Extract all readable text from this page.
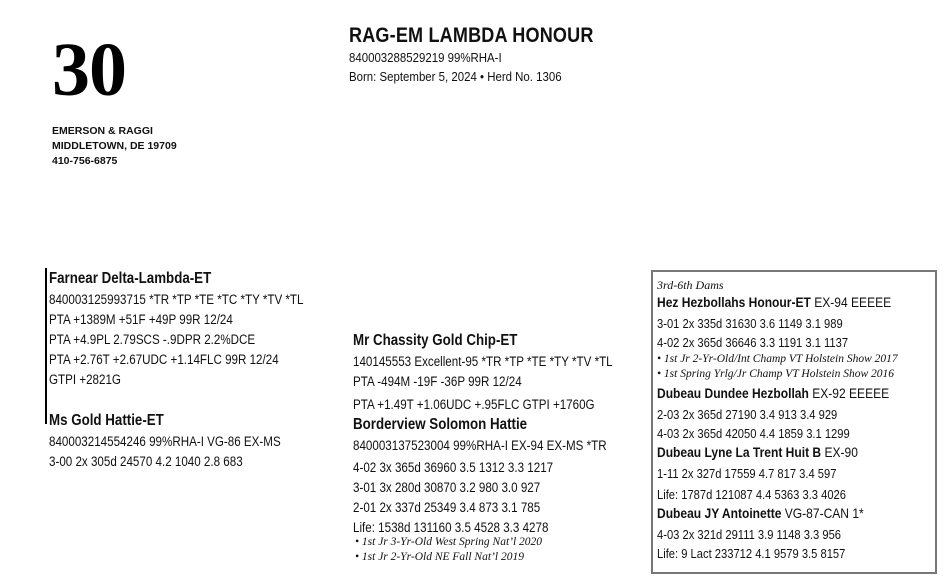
30
EMERSON & RAGGI
MIDDLETOWN, DE 19709
410-756-6875
RAG-EM LAMBDA HONOUR
840003288529219 99%RHA-I
Born: September 5, 2024 • Herd No. 1306
Farnear Delta-Lambda-ET
840003125993715 *TR *TP *TE *TC *TY *TV *TL
PTA +1389M +51F +49P 99R 12/24
PTA +4.9PL 2.79SCS -.9DPR 2.2%DCE
PTA +2.76T +2.67UDC +1.14FLC 99R 12/24
GTPI +2821G
Ms Gold Hattie-ET
840003214554246 99%RHA-I VG-86 EX-MS
3-00 2x 305d 24570 4.2 1040 2.8 683
Mr Chassity Gold Chip-ET
140145553 Excellent-95 *TR *TP *TE *TY *TV *TL
PTA -494M -19F -36P 99R 12/24
PTA +1.49T +1.06UDC +.95FLC GTPI +1760G
Borderview Solomon Hattie
840003137523004 99%RHA-I EX-94 EX-MS *TR
4-02 3x 365d 36960 3.5 1312 3.3 1217
3-01 3x 280d 30870 3.2 980 3.0 927
2-01 2x 337d 25349 3.4 873 3.1 785
Life: 1538d 131160 3.5 4528 3.3 4278
• 1st Jr 3-Yr-Old West Spring Nat’l 2020
• 1st Jr 2-Yr-Old NE Fall Nat’l 2019
3rd-6th Dams
Hez Hezbollahs Honour-ET EX-94 EEEEE
3-01 2x 335d 31630 3.6 1149 3.1 989
4-02 2x 365d 36646 3.3 1191 3.1 1137
• 1st Jr 2-Yr-Old/Int Champ VT Holstein Show 2017
• 1st Spring Yrlg/Jr Champ VT Holstein Show 2016
Dubeau Dundee Hezbollah EX-92 EEEEE
2-03 2x 365d 27190 3.4 913 3.4 929
4-03 2x 365d 42050 4.4 1859 3.1 1299
Dubeau Lyne La Trent Huit B EX-90
1-11 2x 327d 17559 4.7 817 3.4 597
Life: 1787d 121087 4.4 5363 3.3 4026
Dubeau JY Antoinette VG-87-CAN 1*
4-03 2x 321d 29111 3.9 1148 3.3 956
Life: 9 Lact 233712 4.1 9579 3.5 8157
